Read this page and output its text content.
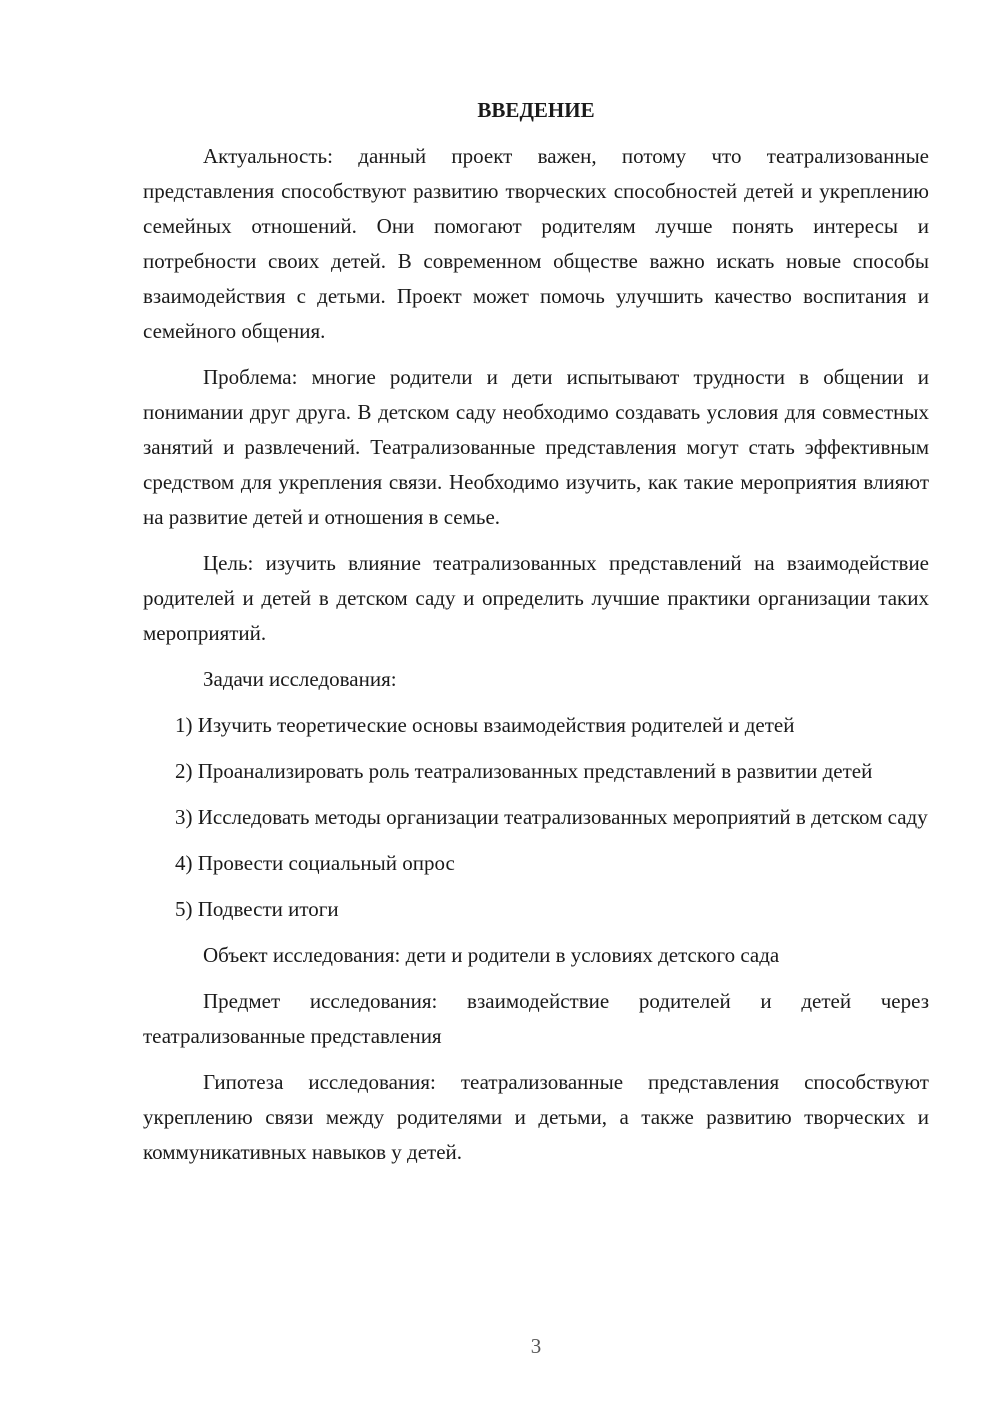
ВВЕДЕНИЕ

Актуальность: данный проект важен, потому что театрализованные представления способствуют развитию творческих способностей детей и укреплению семейных отношений. Они помогают родителям лучше понять интересы и потребности своих детей. В современном обществе важно искать новые способы взаимодействия с детьми. Проект может помочь улучшить качество воспитания и семейного общения.

Проблема: многие родители и дети испытывают трудности в общении и понимании друг друга. В детском саду необходимо создавать условия для совместных занятий и развлечений. Театрализованные представления могут стать эффективным средством для укрепления связи. Необходимо изучить, как такие мероприятия влияют на развитие детей и отношения в семье.

Цель: изучить влияние театрализованных представлений на взаимодействие родителей и детей в детском саду и определить лучшие практики организации таких мероприятий.

Задачи исследования:

1) Изучить теоретические основы взаимодействия родителей и детей

2) Проанализировать роль театрализованных представлений в развитии детей

3) Исследовать методы организации театрализованных мероприятий в детском саду

4) Провести социальный опрос

5) Подвести итоги

Объект исследования: дети и родители в условиях детского сада

Предмет исследования: взаимодействие родителей и детей через театрализованные представления

Гипотеза исследования: театрализованные представления способствуют укреплению связи между родителями и детьми, а также развитию творческих и коммуникативных навыков у детей.

3
